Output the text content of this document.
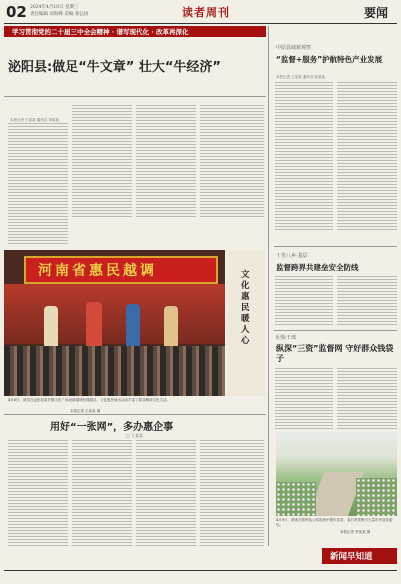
02 2024年4月10日 星期三
责任编辑 刘海峰 美编 张弘扬	读者周刊	要闻
学习贯彻党的二十届三中全会精神 · 谱写现代化 · 改革再深化
泌阳县:做足“牛文章” 壮大“牛经济”
本报记者 王某某 通讯员 李某某
中原县域新观察
“监督+服务”护航特色产业发展
本报记者 王某某 通讯员 张某某
河南省惠民越调	文化惠民暖人心
4月8日，演员在泌阳县某乡镇文化广场表演越调经典剧目。文化惠民演出活动丰富了群众精神文化生活。
本报记者 王某某 摄
十里八乡·基层
监督跨界共建垒安全防线
纪检干部
纵深“三资”监督网 守好群众钱袋子
4月9日，游客在郑州某公园花海中漫步赏花，春日美景吸引大量市民前来游玩。
本报记者 李某某 摄
用好“一张网”，多办惠企事
□ 王某某
新闻早知道
